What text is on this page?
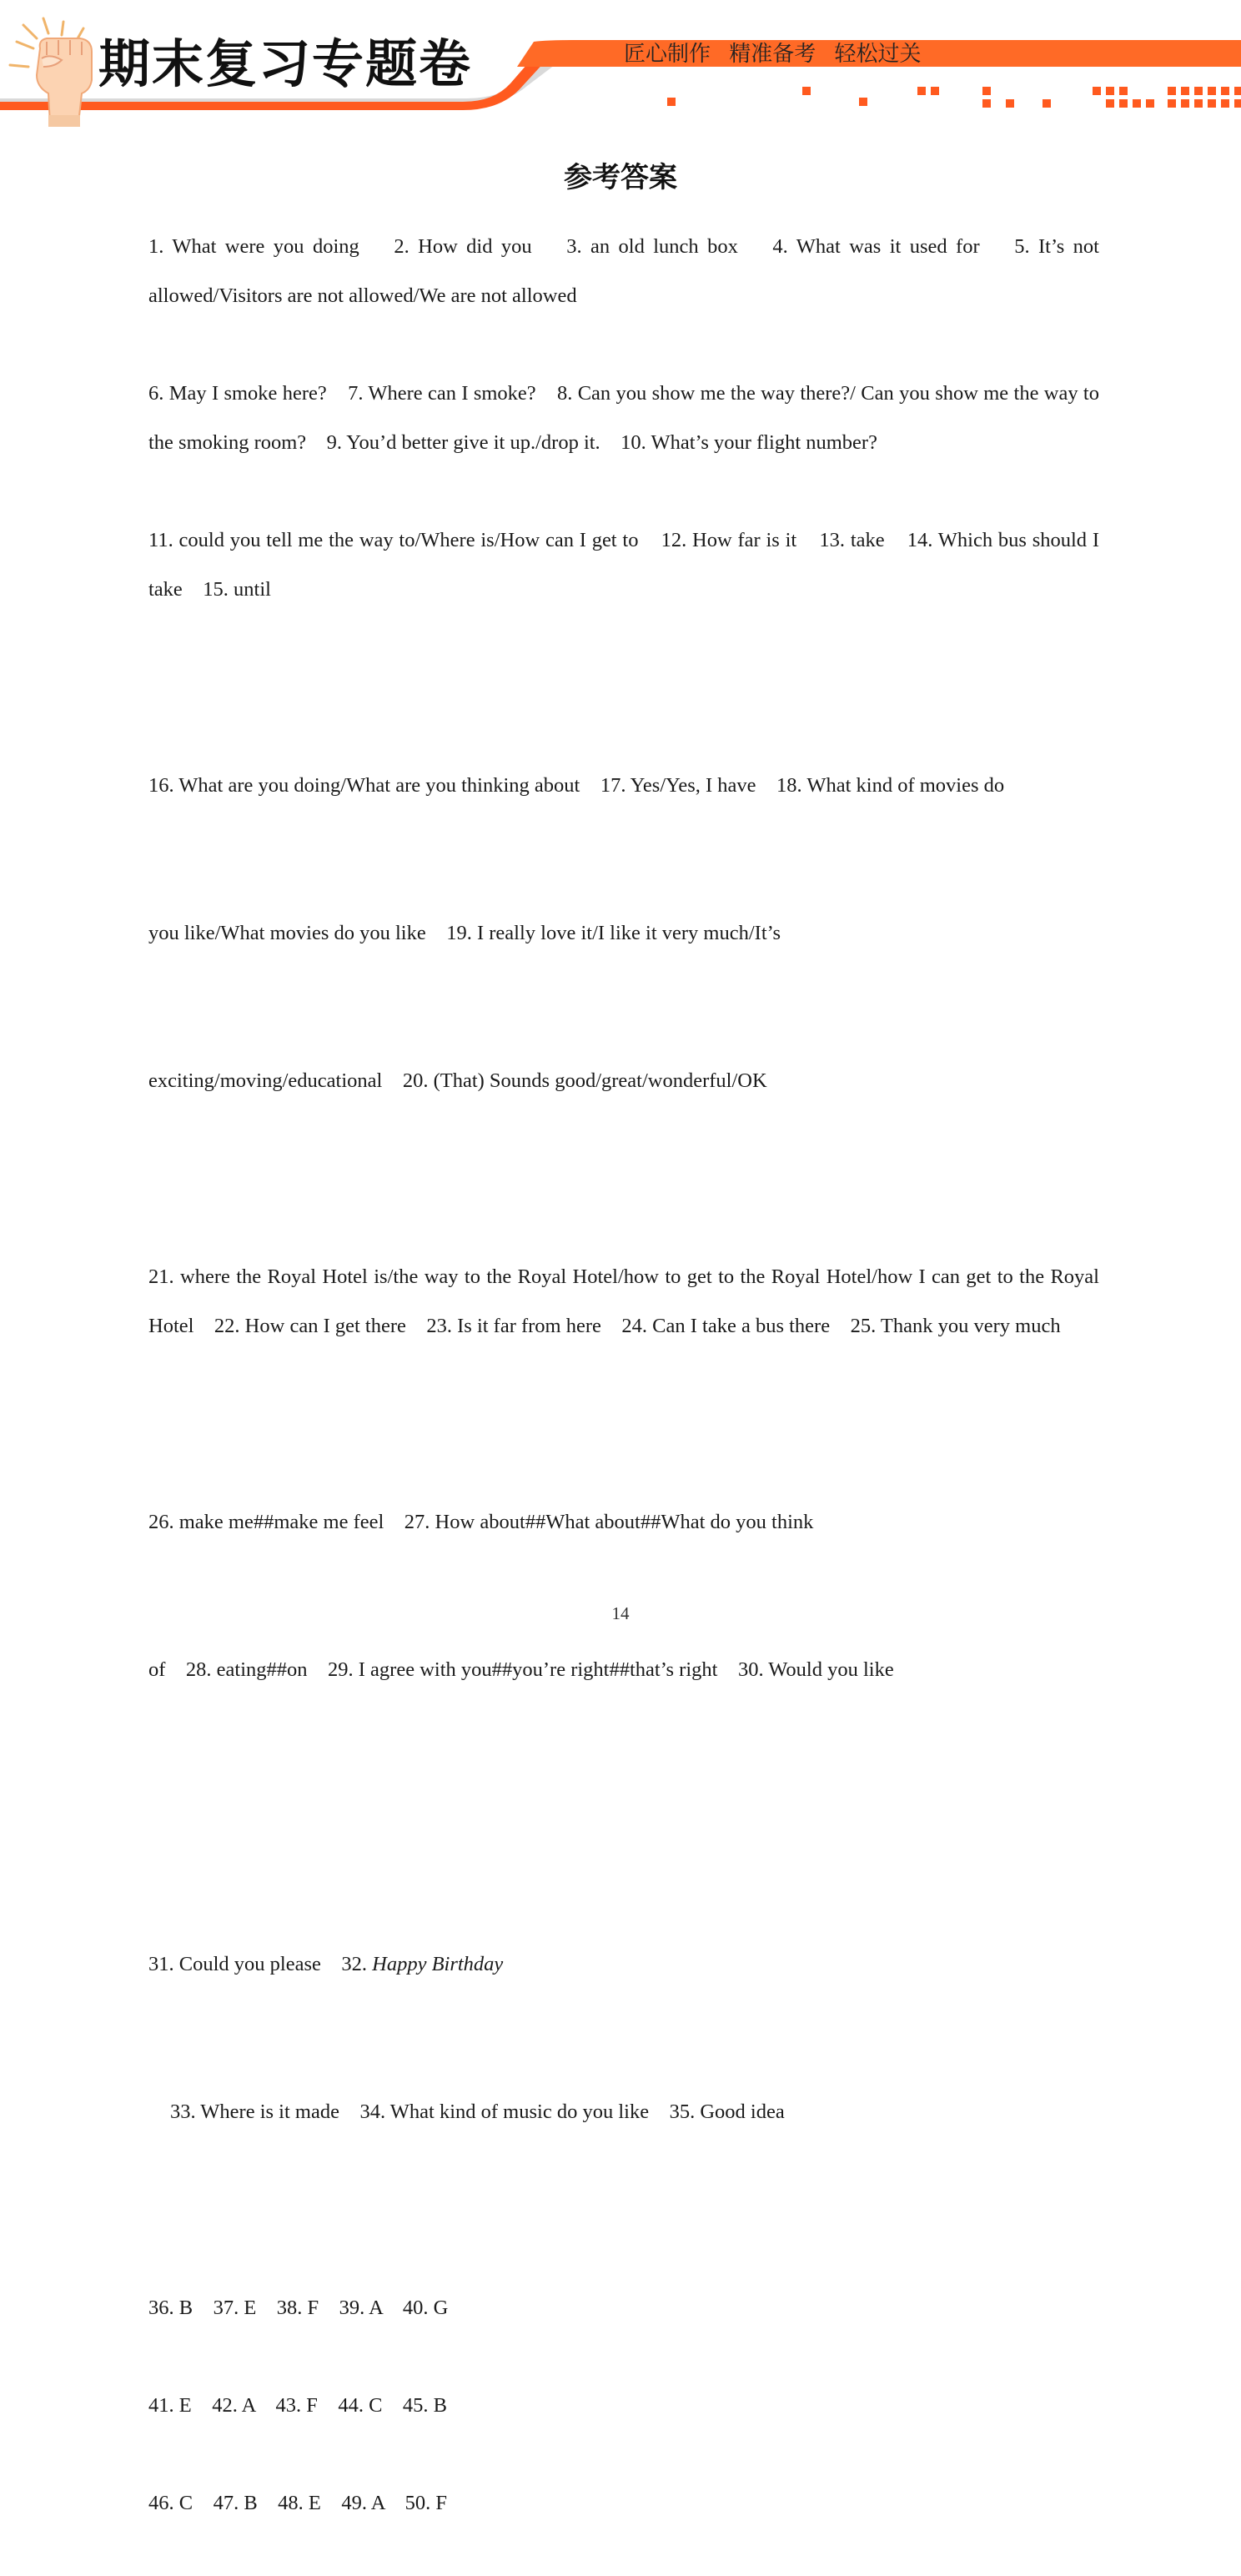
期末复习专题卷	匠心制作 精准备考 轻松过关
参考答案
1. What were you doing    2. How did you    3. an old lunch box    4. What was it used for    5. It’s not allowed/Visitors are not allowed/We are not allowed
6. May I smoke here?    7. Where can I smoke?    8. Can you show me the way there?/ Can you show me the way to the smoking room?    9. You’d better give it up./drop it.    10. What’s your flight number?
11. could you tell me the way to/Where is/How can I get to    12. How far is it    13. take    14. Which bus should I take    15. until

16. What are you doing/What are you thinking about    17. Yes/Yes, I have    18. What kind of movies do

you like/What movies do you like    19. I really love it/I like it very much/It’s

exciting/moving/educational    20. (That) Sounds good/great/wonderful/OK

21. where the Royal Hotel is/the way to the Royal Hotel/how to get to the Royal Hotel/how I can get to the Royal Hotel    22. How can I get there    23. Is it far from here    24. Can I take a bus there    25. Thank you very much

26. make me##make me feel    27. How about##What about##What do you think

of    28. eating##on    29. I agree with you##you’re right##that’s right    30. Would you like

31. Could you please    32. Happy Birthday

33. Where is it made    34. What kind of music do you like    35. Good idea

36. B    37. E    38. F    39. A    40. G
41. E    42. A    43. F    44. C    45. B
46. C    47. B    48. E    49. A    50. F
14
